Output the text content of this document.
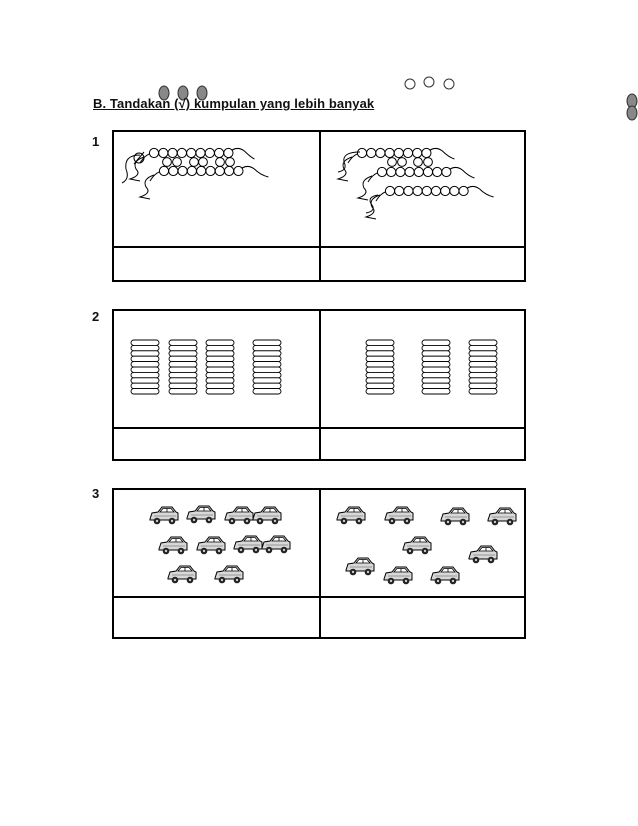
B. Tandakan (√) kumpulan yang lebih banyak
1
2
3
